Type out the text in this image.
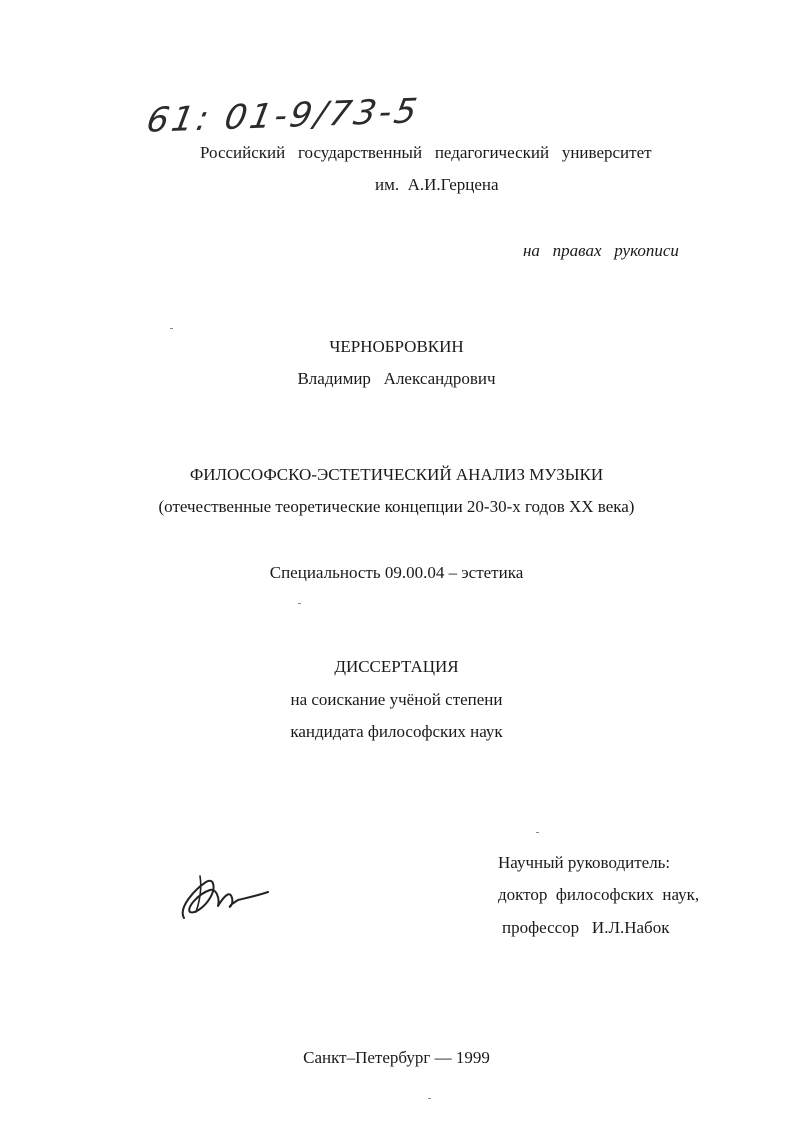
61: 01-9/73-5
Российский   государственный   педагогический   университет
им.  А.И.Герцена
на   правах   рукописи
ЧЕРНОБРОВКИН
Владимир   Александрович
ФИЛОСОФСКО-ЭСТЕТИЧЕСКИЙ АНАЛИЗ МУЗЫКИ
(отечественные теоретические концепции 20-30-х годов XX века)
Специальность 09.00.04 – эстетика
ДИССЕРТАЦИЯ
на соискание учёной степени
кандидата философских наук
Научный руководитель:
доктор  философских  наук,
профессор   И.Л.Набок
Санкт–Петербург — 1999
